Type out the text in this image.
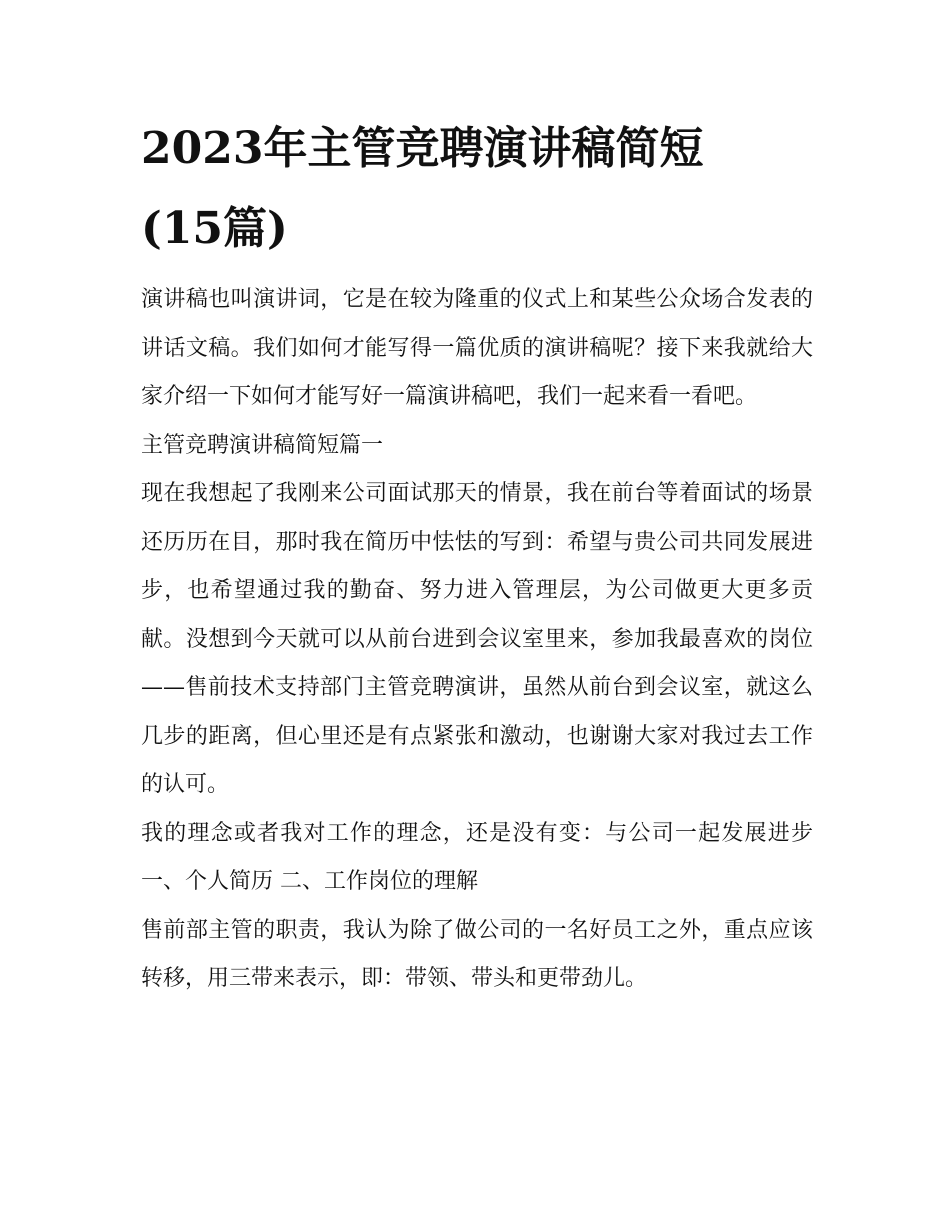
2023年主管竞聘演讲稿简短
(15篇)

演讲稿也叫演讲词，它是在较为隆重的仪式上和某些公众场合发表的讲话文稿。我们如何才能写得一篇优质的演讲稿呢？接下来我就给大家介绍一下如何才能写好一篇演讲稿吧，我们一起来看一看吧。

主管竞聘演讲稿简短篇一

现在我想起了我刚来公司面试那天的情景，我在前台等着面试的场景还历历在目，那时我在简历中怯怯的写到：希望与贵公司共同发展进步，也希望通过我的勤奋、努力进入管理层，为公司做更大更多贡献。没想到今天就可以从前台进到会议室里来，参加我最喜欢的岗位——售前技术支持部门主管竞聘演讲，虽然从前台到会议室，就这么几步的距离，但心里还是有点紧张和激动，也谢谢大家对我过去工作的认可。

我的理念或者我对工作的理念，还是没有变：与公司一起发展进步 一、个人简历 二、工作岗位的理解

售前部主管的职责，我认为除了做公司的一名好员工之外，重点应该转移，用三带来表示，即：带领、带头和更带劲儿。
